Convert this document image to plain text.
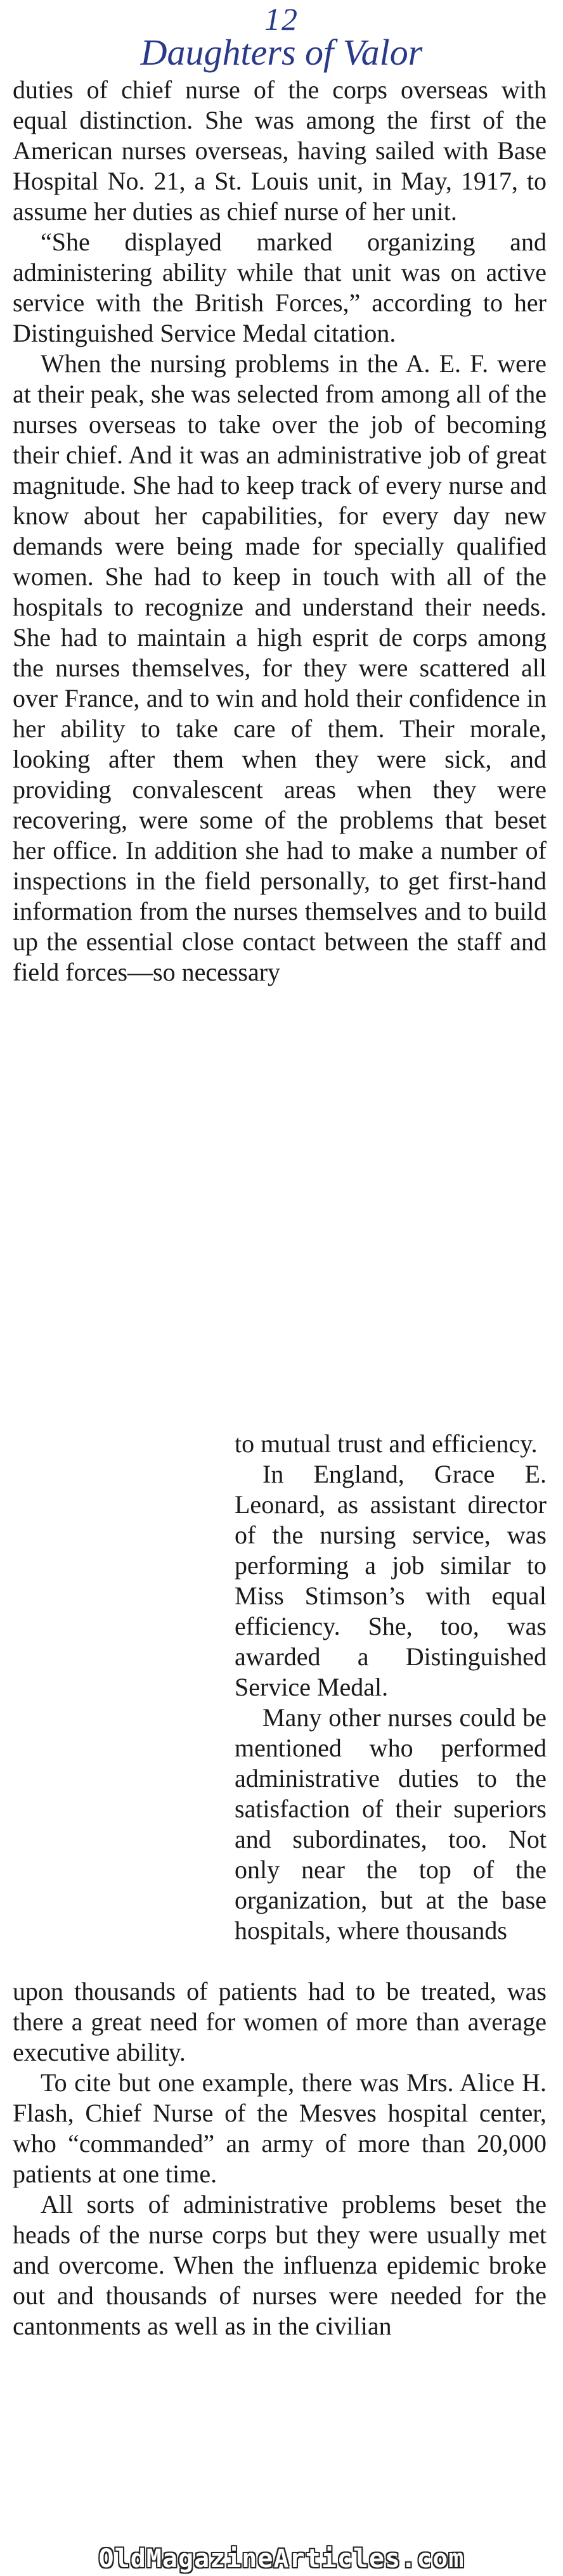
12
Daughters of Valor

duties of chief nurse of the corps overseas with equal distinction. She was among the first of the American nurses overseas, having sailed with Base Hospital No. 21, a St. Louis unit, in May, 1917, to assume her duties as chief nurse of her unit.

“She displayed marked organizing and administering ability while that unit was on active service with the British Forces,” according to her Distinguished Service Medal citation.

When the nursing problems in the A. E. F. were at their peak, she was selected from among all of the nurses overseas to take over the job of becoming their chief. And it was an administrative job of great magnitude. She had to keep track of every nurse and know about her capabilities, for every day new demands were being made for specially qualified women. She had to keep in touch with all of the hospitals to recognize and understand their needs. She had to maintain a high esprit de corps among the nurses themselves, for they were scattered all over France, and to win and hold their confidence in her ability to take care of them. Their morale, looking after them when they were sick, and providing convalescent areas when they were recovering, were some of the problems that beset her office. In addition she had to make a number of inspections in the field personally, to get first-hand information from the nurses themselves and to build up the essential close contact between the staff and field forces—so necessary

to mutual trust and efficiency.

In England, Grace E. Leonard, as assistant director of the nursing service, was performing a job similar to Miss Stimson’s with equal efficiency. She, too, was awarded a Distinguished Service Medal.

Many other nurses could be mentioned who performed administrative duties to the satisfaction of their superiors and subordinates, too. Not only near the top of the organization, but at the base hospitals, where thousands

upon thousands of patients had to be treated, was there a great need for women of more than average executive ability.

To cite but one example, there was Mrs. Alice H. Flash, Chief Nurse of the Mesves hospital center, who “commanded” an army of more than 20,000 patients at one time.

All sorts of administrative problems beset the heads of the nurse corps but they were usually met and overcome. When the influenza epidemic broke out and thousands of nurses were needed for the cantonments as well as in the civilian

OldMagazineArticles.com
